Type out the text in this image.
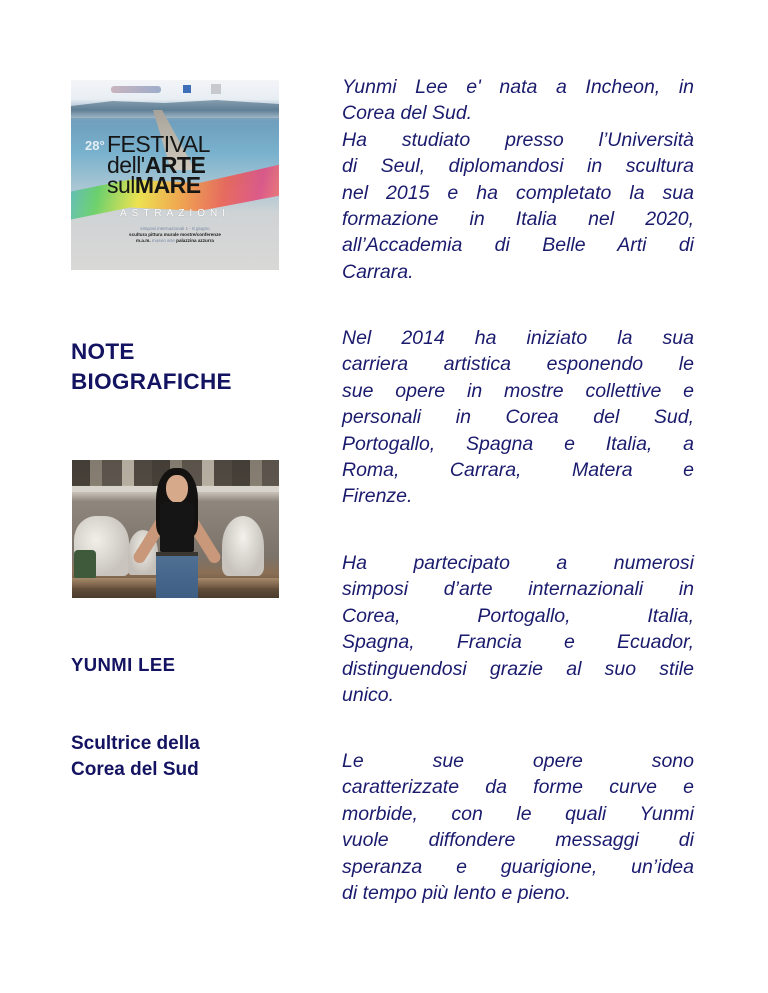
28° FESTIVAL
dell'ARTE
sulMARE
ASTRAZIONI
simposi internazionali 1 - 8 giugno
scultura pittura murale mostre/conferenze
m.a.m. museo arte palazzina azzurra
NOTE
BIOGRAFICHE
YUNMI LEE
Scultrice della
Corea del Sud

Yunmi Lee e' nata a Incheon, in

Corea del Sud.

Ha studiato presso l’Università

di Seul, diplomandosi in scultura

nel 2015 e ha completato la sua

formazione in Italia nel 2020,

all’Accademia di Belle Arti di

Carrara.

Nel 2014 ha iniziato la sua

carriera artistica esponendo le

sue opere in mostre collettive e

personali in Corea del Sud,

Portogallo, Spagna e Italia, a

Roma, Carrara, Matera e

Firenze.

Ha partecipato a numerosi

simposi d’arte internazionali in

Corea, Portogallo, Italia,

Spagna, Francia e Ecuador,

distinguendosi grazie al suo stile

unico.

Le sue opere sono

caratterizzate da forme curve e

morbide, con le quali Yunmi

vuole diffondere messaggi di

speranza e guarigione, un’idea

di tempo più lento e pieno.
